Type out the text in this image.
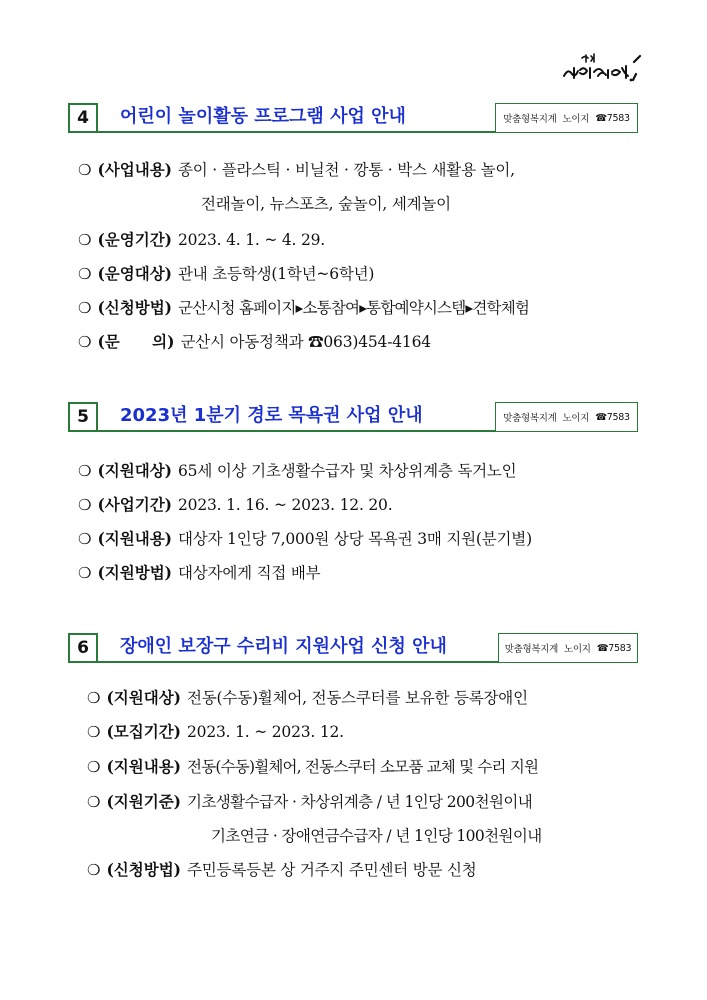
4	어린이 놀이활동 프로그램 사업 안내	맞춤형복지계 노이지 ☎7583
❍ (사업내용) 종이 · 플라스틱 · 비닐천 · 깡통 · 박스 새활용 놀이,
전래놀이, 뉴스포츠, 숲놀이, 세계놀이
❍ (운영기간) 2023. 4. 1. ~ 4. 29.
❍ (운영대상) 관내 초등학생(1학년~6학년)
❍ (신청방법) 군산시청 홈페이지▸소통참여▸통합예약시스템▸견학체험
❍ (문      의) 군산시 아동정책과 ☎063)454-4164
5	2023년 1분기 경로 목욕권 사업 안내	맞춤형복지계 노이지 ☎7583
❍ (지원대상) 65세 이상 기초생활수급자 및 차상위계층 독거노인
❍ (사업기간) 2023. 1. 16. ~ 2023. 12. 20.
❍ (지원내용) 대상자 1인당 7,000원 상당 목욕권 3매 지원(분기별)
❍ (지원방법) 대상자에게 직접 배부
6	장애인 보장구 수리비 지원사업 신청 안내	맞춤형복지계 노이지 ☎7583
❍ (지원대상) 전동(수동)휠체어, 전동스쿠터를 보유한 등록장애인
❍ (모집기간) 2023. 1. ~ 2023. 12.
❍ (지원내용) 전동(수동)휠체어, 전동스쿠터 소모품 교체 및 수리 지원
❍ (지원기준) 기초생활수급자 · 차상위계층 / 년 1인당 200천원이내
기초연금 · 장애연금수급자 / 년 1인당 100천원이내
❍ (신청방법) 주민등록등본 상 거주지 주민센터 방문 신청
